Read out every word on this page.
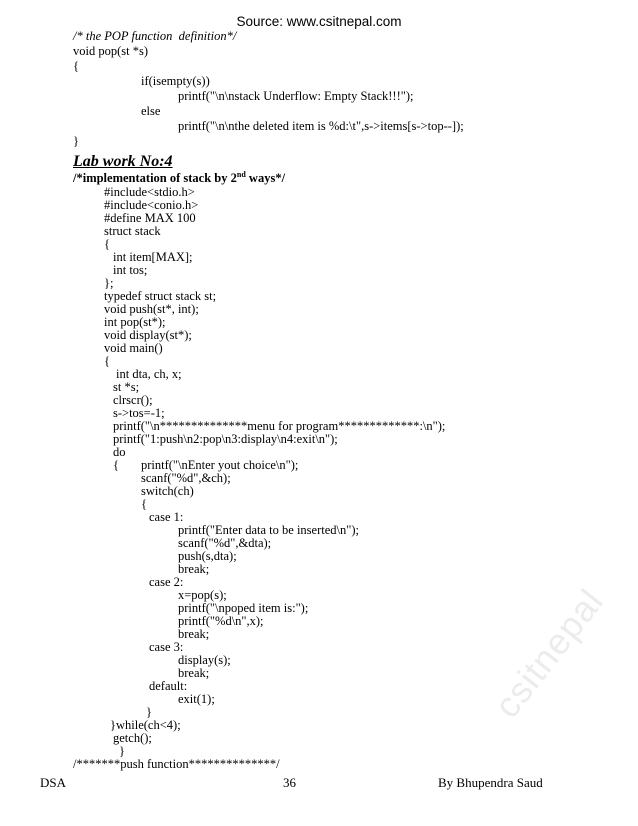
Source: www.csitnepal.com
/* the POP function  definition*/
void pop(st *s)
{
if(isempty(s))
printf("\n\nstack Underflow: Empty Stack!!!");
else
printf("\n\nthe deleted item is %d:\t",s->items[s->top--]);
}
Lab work No:4
/*implementation of stack by 2nd ways*/
#include<stdio.h>
#include<conio.h>
#define MAX 100
struct stack
{
int item[MAX];
int tos;
};
typedef struct stack st;
void push(st*, int);
int pop(st*);
void display(st*);
void main()
{
int dta, ch, x;
st *s;
clrscr();
s->tos=-1;
printf("\n**************menu for program*************:\n");
printf("1:push\n2:pop\n3:display\n4:exit\n");
do
{ printf("\nEnter yout choice\n");
scanf("%d",&ch);
switch(ch)
{
case 1:
printf("Enter data to be inserted\n");
scanf("%d",&dta);
push(s,dta);
break;
case 2:
x=pop(s);
printf("\npoped item is:");
printf("%d\n",x);
break;
case 3:
display(s);
break;
default:
exit(1);
}
}while(ch<4);
getch();
}
/*******push function**************/
csitnepal
DSA	36	By Bhupendra Saud
